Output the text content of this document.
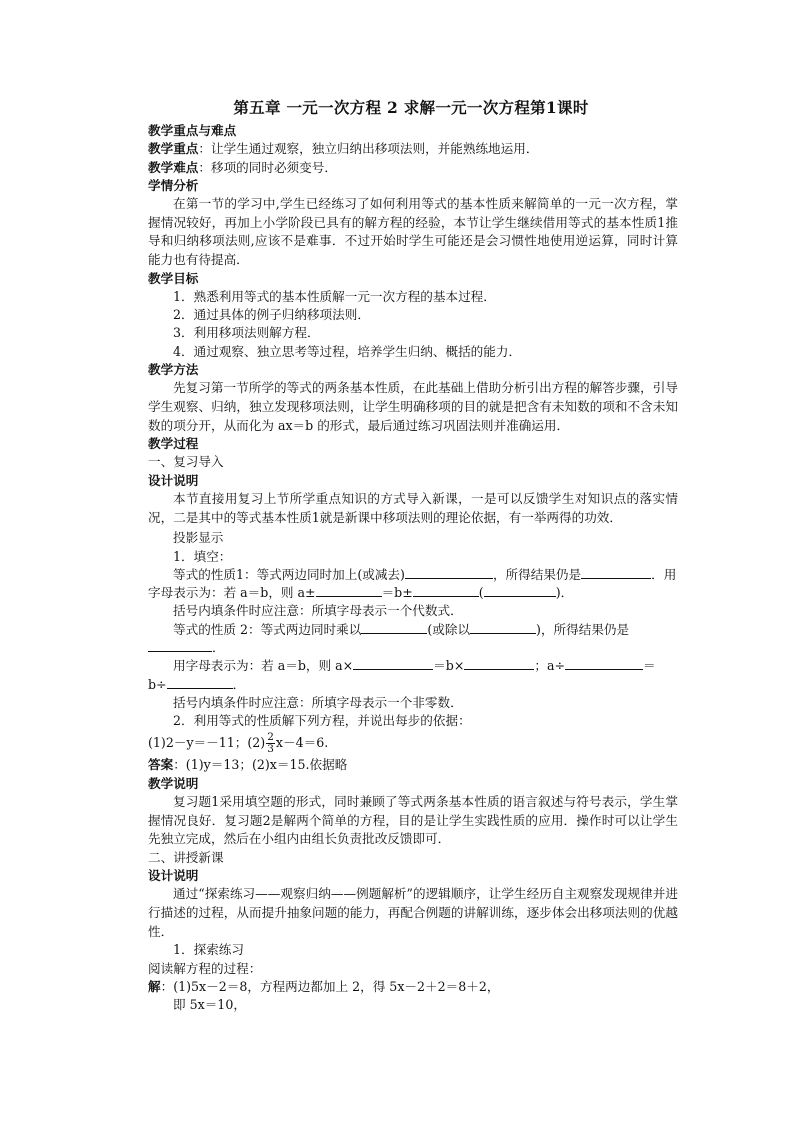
第五章 一元一次方程 2 求解一元一次方程第1课时
教学重点与难点
教学重点：让学生通过观察，独立归纳出移项法则，并能熟练地运用．
教学难点：移项的同时必须变号．
学情分析
在第一节的学习中,学生已经练习了如何利用等式的基本性质来解简单的一元一次方程，掌握情况较好，再加上小学阶段已具有的解方程的经验，本节让学生继续借用等式的基本性质1推导和归纳移项法则,应该不是难事．不过开始时学生可能还是会习惯性地使用逆运算，同时计算能力也有待提高．
教学目标
1．熟悉利用等式的基本性质解一元一次方程的基本过程．
2．通过具体的例子归纳移项法则．
3．利用移项法则解方程．
4．通过观察、独立思考等过程，培养学生归纳、概括的能力．
教学方法
先复习第一节所学的等式的两条基本性质，在此基础上借助分析引出方程的解答步骤，引导学生观察、归纳，独立发现移项法则，让学生明确移项的目的就是把含有未知数的项和不含未知数的项分开，从而化为 ax＝b 的形式，最后通过练习巩固法则并准确运用．
教学过程
一、复习导入
设计说明
本节直接用复习上节所学重点知识的方式导入新课，一是可以反馈学生对知识点的落实情况，二是其中的等式基本性质1就是新课中移项法则的理论依据，有一举两得的功效．
投影显示
1．填空：
等式的性质1：等式两边同时加上(或减去)	，所得结果仍是	．用
字母表示为：若 a＝b，则 a±	＝b±	(	)．
括号内填条件时应注意：所填字母表示一个代数式．
等式的性质 2：等式两边同时乘以	(或除以	)，所得结果仍是
．
用字母表示为：若 a＝b，则 a×	＝b×	；a÷	＝
b÷	．
括号内填条件时应注意：所填字母表示一个非零数．
2．利用等式的性质解下列方程，并说出每步的依据：
(1)2－y＝－11；$(2) \frac{2}{3} x-4=6$.
答案：(1)y＝13；(2)x＝15.依据略
教学说明
复习题1采用填空题的形式，同时兼顾了等式两条基本性质的语言叙述与符号表示，学生掌握情况良好．复习题2是解两个简单的方程，目的是让学生实践性质的应用．操作时可以让学生先独立完成，然后在小组内由组长负责批改反馈即可．
二、讲授新课
设计说明
通过“探索练习——观察归纳——例题解析”的逻辑顺序，让学生经历自主观察发现规律并进行描述的过程，从而提升抽象问题的能力，再配合例题的讲解训练，逐步体会出移项法则的优越性．
1．探索练习
阅读解方程的过程：
解：(1)5x－2＝8，方程两边都加上 2，得 5x－2＋2＝8＋2，
即 5x＝10，
